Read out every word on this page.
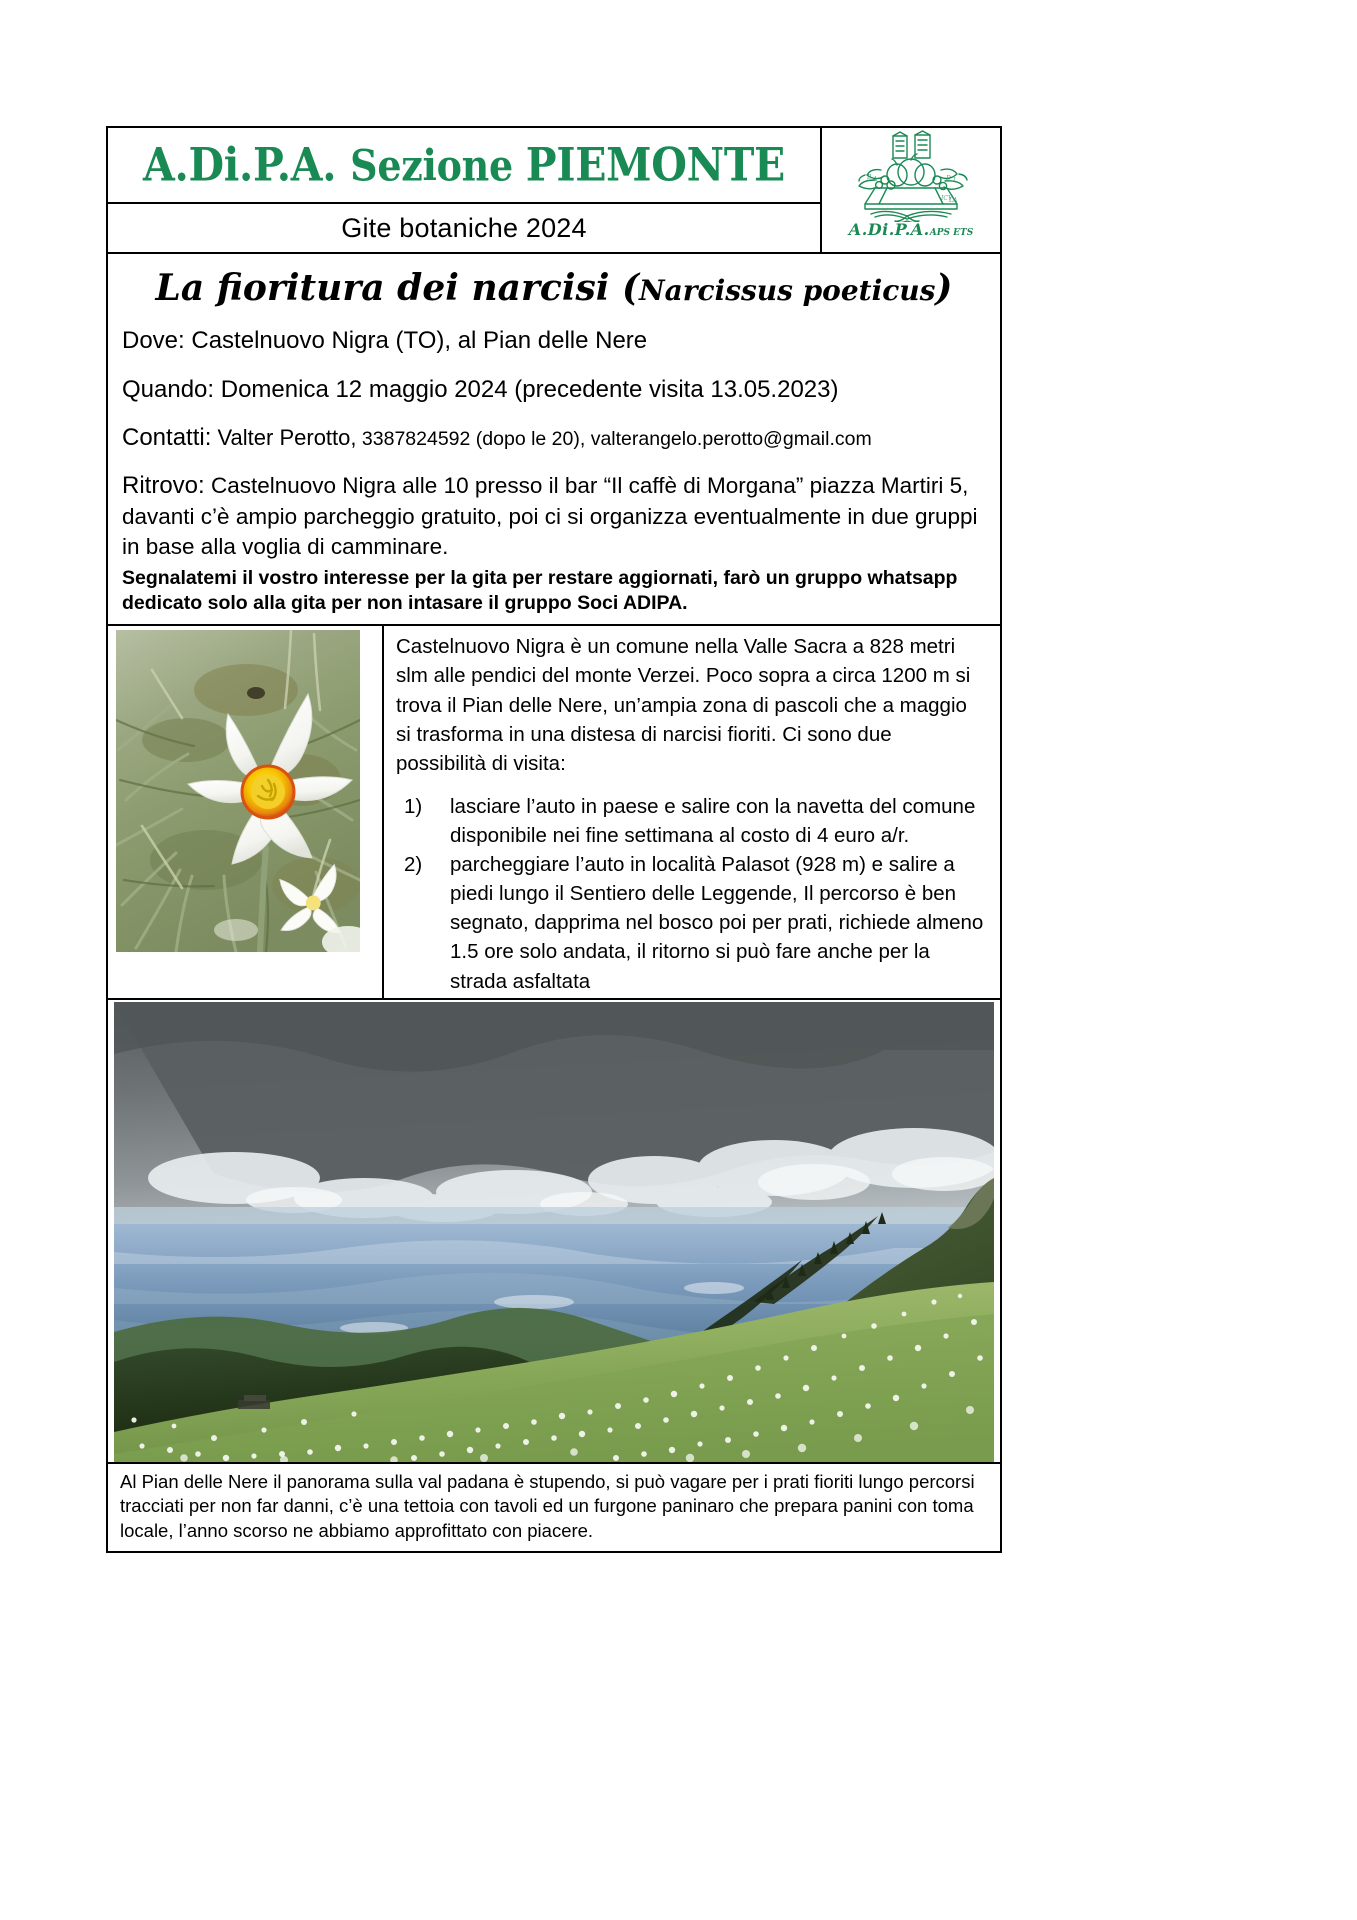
A.Di.P.A. Sezione PIEMONTE
Gite botaniche 2024
B A	D I
ICV
LA
A.Di.P.A.APS ETS
La fioritura dei narcisi (Narcissus poeticus)

Dove: Castelnuovo Nigra (TO), al Pian delle Nere

Quando: Domenica 12 maggio 2024 (precedente visita 13.05.2023)

Contatti: Valter Perotto, 3387824592 (dopo le 20), valterangelo.perotto@gmail.com

Ritrovo: Castelnuovo Nigra alle 10 presso il bar “Il caffè di Morgana” piazza Martiri 5, davanti c’è ampio parcheggio gratuito, poi ci si organizza eventualmente in due gruppi in base alla voglia di camminare.

Segnalatemi il vostro interesse per la gita per restare aggiornati, farò un gruppo whatsapp dedicato solo alla gita per non intasare il gruppo Soci ADIPA.

Castelnuovo Nigra è un comune nella Valle Sacra a 828 metri slm alle pendici del monte Verzei. Poco sopra a circa 1200 m si trova il Pian delle Nere, un’ampia zona di pascoli che a maggio si trasforma in una distesa di narcisi fioriti. Ci sono due possibilità di visita:

1) lasciare l’auto in paese e salire con la navetta del comune disponibile nei fine settimana al costo di 4 euro a/r.
2) parcheggiare l’auto in località Palasot (928 m) e salire a piedi lungo il Sentiero delle Leggende, Il percorso è ben segnato, dapprima nel bosco poi per prati, richiede almeno 1.5 ore solo andata, il ritorno si può fare anche per la strada asfaltata

Al Pian delle Nere il panorama sulla val padana è stupendo, si può vagare per i prati fioriti lungo percorsi tracciati per non far danni, c’è una tettoia con tavoli ed un furgone paninaro che prepara panini con toma locale, l’anno scorso ne abbiamo approfittato con piacere.
